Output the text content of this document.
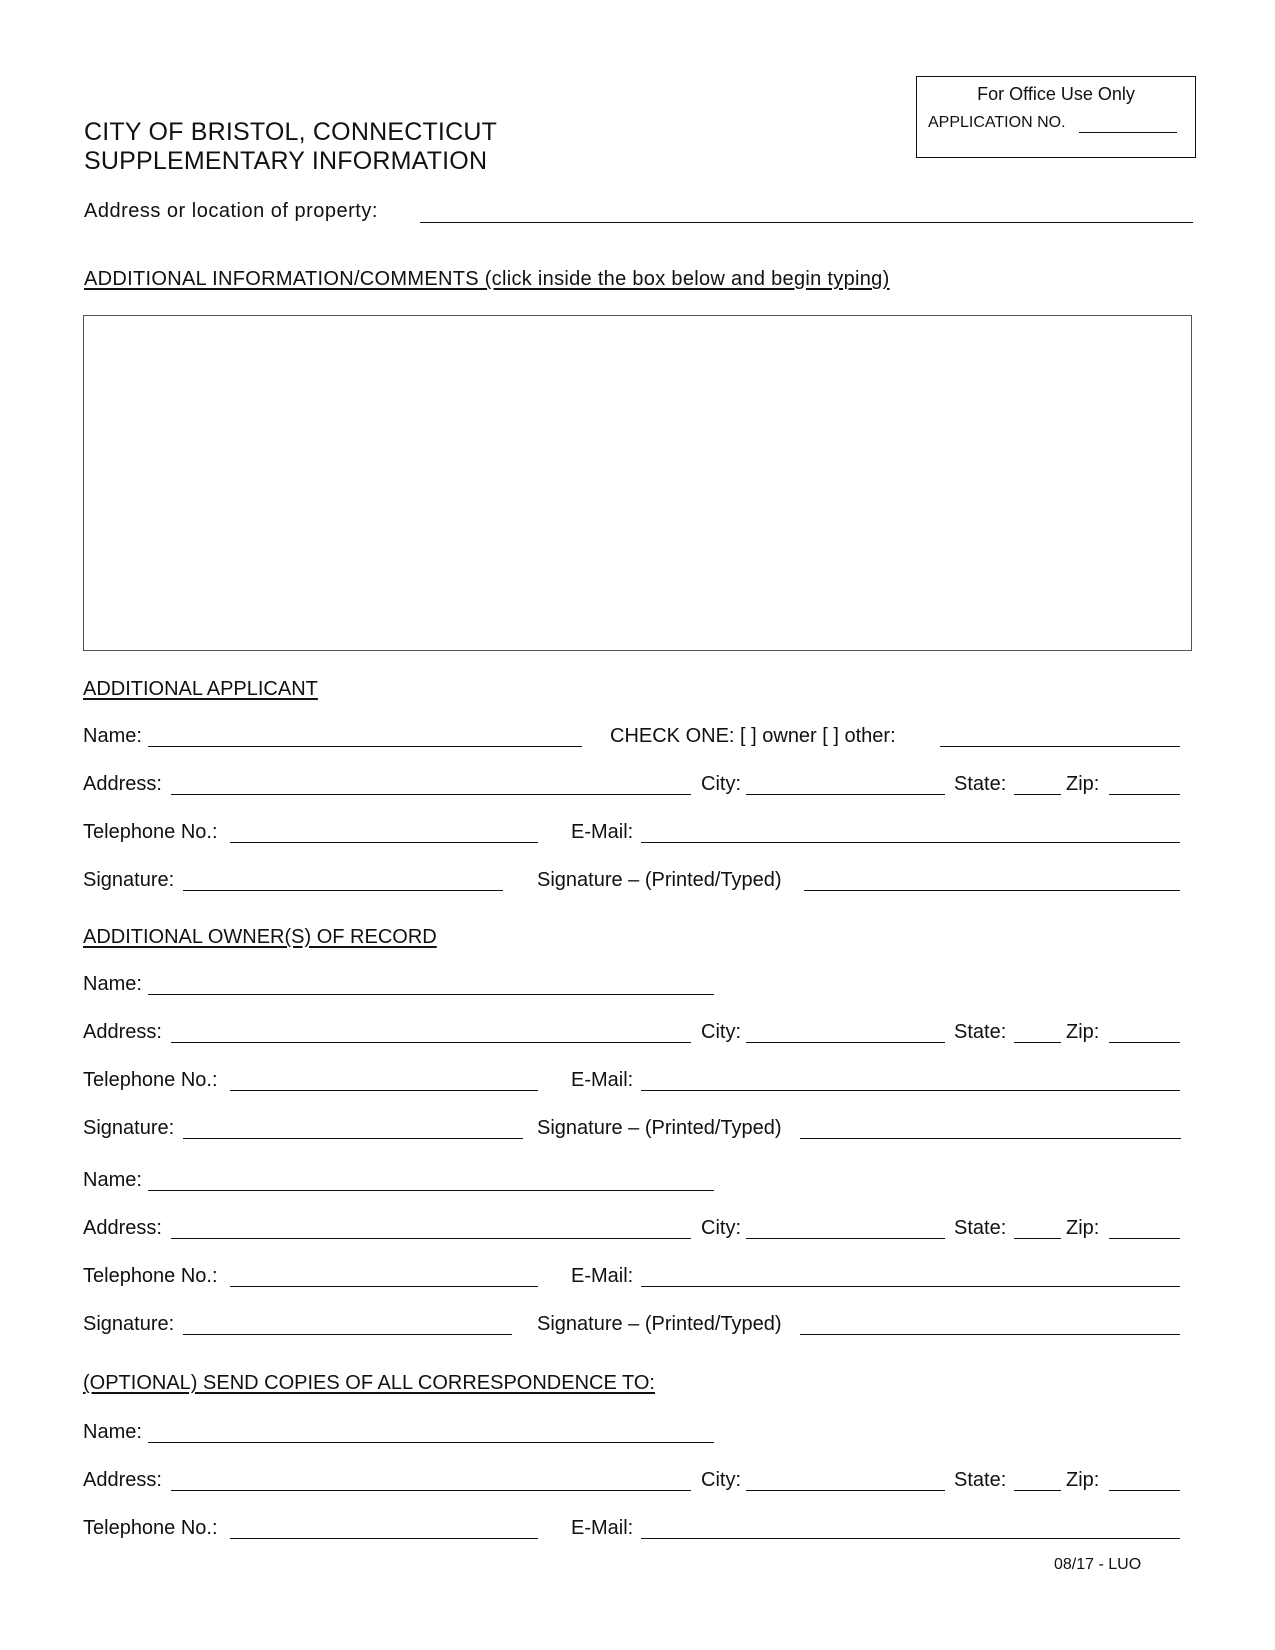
For Office Use Only
APPLICATION NO.
CITY OF BRISTOL, CONNECTICUT
SUPPLEMENTARY INFORMATION
Address or location of property:
ADDITIONAL INFORMATION/COMMENTS (click inside the box below and begin typing)
ADDITIONAL APPLICANT
Name:	CHECK ONE: [ ] owner [ ] other:
Address:	City:	State:	Zip:
Telephone No.:	E-Mail:
Signature:	Signature – (Printed/Typed)
ADDITIONAL OWNER(S) OF RECORD
Name:
Address:	City:	State:	Zip:
Telephone No.:	E-Mail:
Signature:	Signature – (Printed/Typed)
Name:
Address:	City:	State:	Zip:
Telephone No.:	E-Mail:
Signature:	Signature – (Printed/Typed)
(OPTIONAL) SEND COPIES OF ALL CORRESPONDENCE TO:
Name:
Address:	City:	State:	Zip:
Telephone No.:	E-Mail:
08/17 - LUO
